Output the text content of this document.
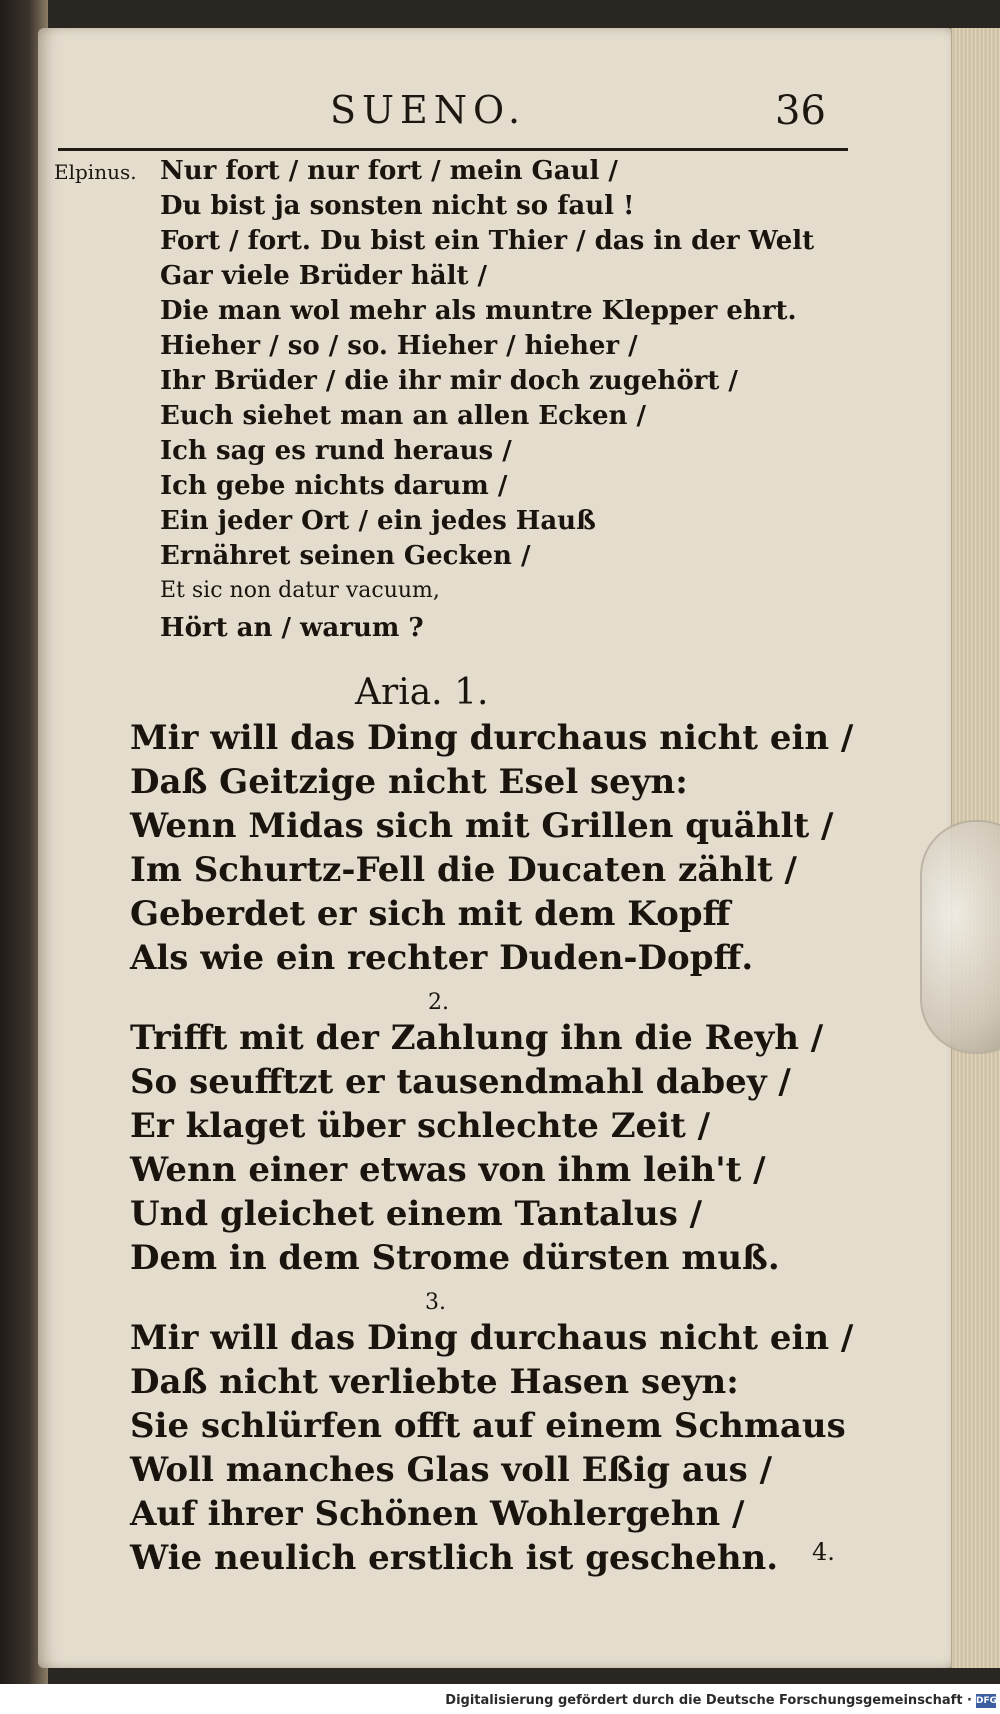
SUENO.	36
Elpinus. Nur fort / nur fort / mein Gaul /
Du bist ja sonsten nicht so faul !
Fort / fort. Du bist ein Thier / das in der Welt
Gar viele Brüder hält /
Die man wol mehr als muntre Klepper ehrt.
Hieher / so / so. Hieher / hieher /
Ihr Brüder / die ihr mir doch zugehört /
Euch siehet man an allen Ecken /
Ich sag es rund heraus /
Ich gebe nichts darum /
Ein jeder Ort / ein jedes Hauß
Ernähret seinen Gecken /
Et sic non datur vacuum,
Hört an / warum ?
Aria. 1.
Mir will das Ding durchaus nicht ein /
Daß Geitzige nicht Esel seyn:
Wenn Midas sich mit Grillen quählt /
Im Schurtz-Fell die Ducaten zählt /
Geberdet er sich mit dem Kopff
Als wie ein rechter Duden-Dopff.
2.
Trifft mit der Zahlung ihn die Reyh /
So seufftzt er tausendmahl dabey /
Er klaget über schlechte Zeit /
Wenn einer etwas von ihm leih't /
Und gleichet einem Tantalus /
Dem in dem Strome dürsten muß.
3.
Mir will das Ding durchaus nicht ein /
Daß nicht verliebte Hasen seyn:
Sie schlürfen offt auf einem Schmaus
Woll manches Glas voll Eßig aus /
Auf ihrer Schönen Wohlergehn /
Wie neulich erstlich ist geschehn. 4.
Digitalisierung gefördert durch die Deutsche Forschungsgemeinschaft · DFG
